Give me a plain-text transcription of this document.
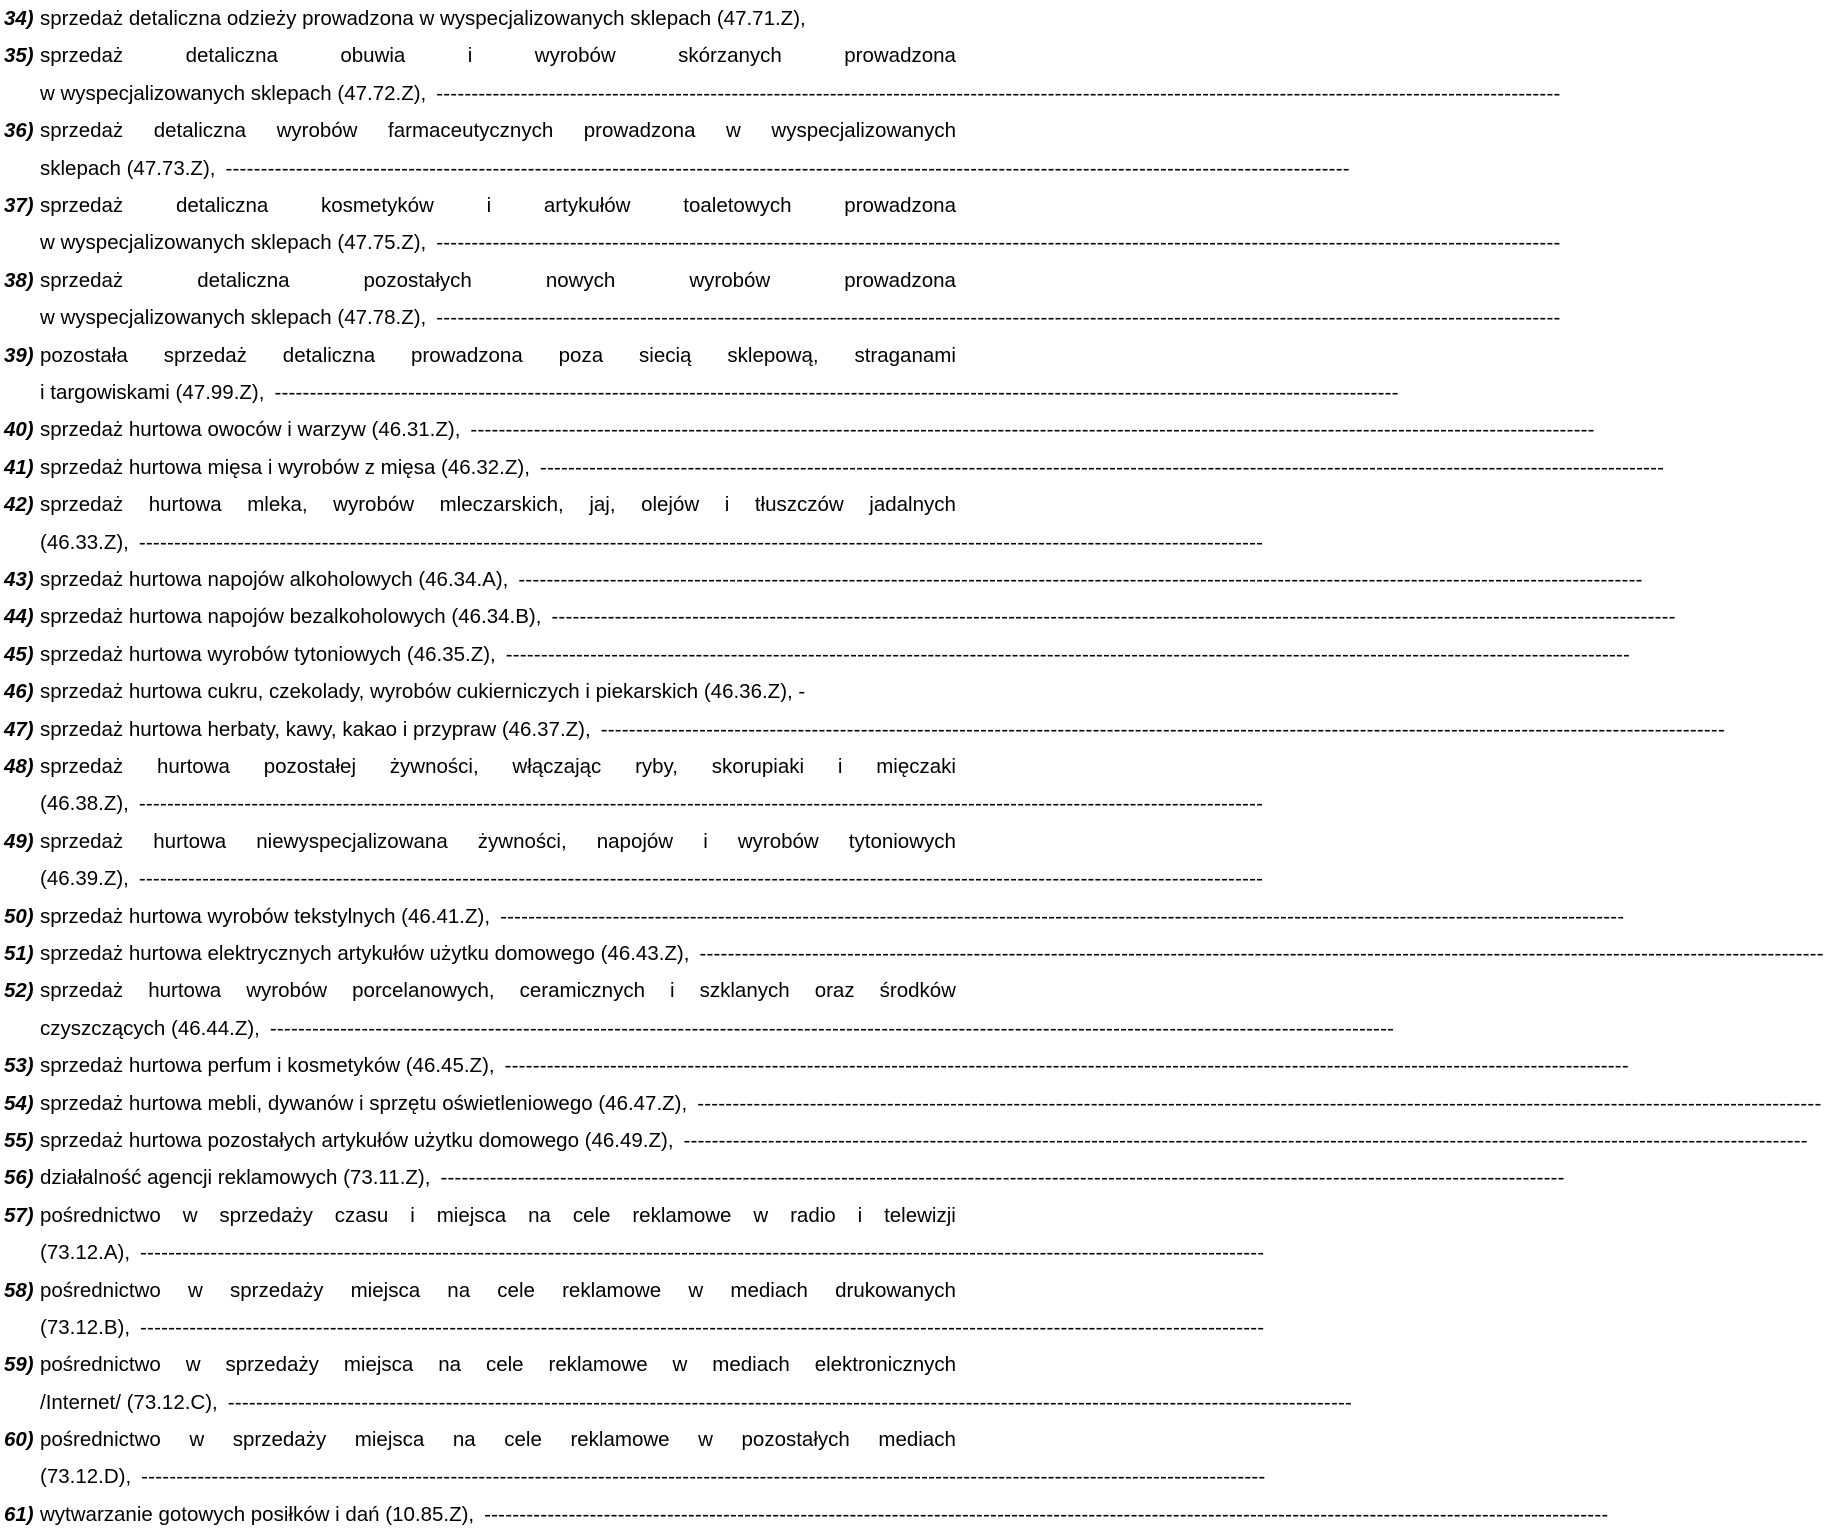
34) sprzedaż detaliczna odzieży prowadzona w wyspecjalizowanych sklepach (47.71.Z),
35) sprzedaż	detaliczna	obuwia	i	wyrobów	skórzanych	prowadzona
w wyspecjalizowanych sklepach (47.72.Z), ----------------------------------------------------------------------------------------------------------------------------------------------------------------
36) sprzedaż detaliczna wyrobów farmaceutycznych prowadzona w wyspecjalizowanych
sklepach (47.73.Z), ----------------------------------------------------------------------------------------------------------------------------------------------------------------
37) sprzedaż	detaliczna	kosmetyków	i	artykułów	toaletowych	prowadzona
w wyspecjalizowanych sklepach (47.75.Z), ----------------------------------------------------------------------------------------------------------------------------------------------------------------
38) sprzedaż	detaliczna	pozostałych	nowych	wyrobów	prowadzona
w wyspecjalizowanych sklepach (47.78.Z), ----------------------------------------------------------------------------------------------------------------------------------------------------------------
39) pozostała sprzedaż detaliczna prowadzona poza siecią sklepową, straganami
i targowiskami (47.99.Z), ----------------------------------------------------------------------------------------------------------------------------------------------------------------
40) sprzedaż hurtowa owoców i warzyw (46.31.Z), ----------------------------------------------------------------------------------------------------------------------------------------------------------------
41) sprzedaż hurtowa mięsa i wyrobów z mięsa (46.32.Z), ----------------------------------------------------------------------------------------------------------------------------------------------------------------
42) sprzedaż hurtowa mleka, wyrobów mleczarskich, jaj, olejów i tłuszczów jadalnych
(46.33.Z), ----------------------------------------------------------------------------------------------------------------------------------------------------------------
43) sprzedaż hurtowa napojów alkoholowych (46.34.A), ----------------------------------------------------------------------------------------------------------------------------------------------------------------
44) sprzedaż hurtowa napojów bezalkoholowych (46.34.B), ----------------------------------------------------------------------------------------------------------------------------------------------------------------
45) sprzedaż hurtowa wyrobów tytoniowych (46.35.Z), ----------------------------------------------------------------------------------------------------------------------------------------------------------------
46) sprzedaż hurtowa cukru, czekolady, wyrobów cukierniczych i piekarskich (46.36.Z), -
47) sprzedaż hurtowa herbaty, kawy, kakao i przypraw (46.37.Z), ----------------------------------------------------------------------------------------------------------------------------------------------------------------
48) sprzedaż hurtowa pozostałej żywności, włączając ryby, skorupiaki i mięczaki
(46.38.Z), ----------------------------------------------------------------------------------------------------------------------------------------------------------------
49) sprzedaż hurtowa niewyspecjalizowana żywności, napojów i wyrobów tytoniowych
(46.39.Z), ----------------------------------------------------------------------------------------------------------------------------------------------------------------
50) sprzedaż hurtowa wyrobów tekstylnych (46.41.Z), ----------------------------------------------------------------------------------------------------------------------------------------------------------------
51) sprzedaż hurtowa elektrycznych artykułów użytku domowego (46.43.Z), ----------------------------------------------------------------------------------------------------------------------------------------------------------------
52) sprzedaż hurtowa wyrobów porcelanowych, ceramicznych i szklanych oraz środków
czyszczących (46.44.Z), ----------------------------------------------------------------------------------------------------------------------------------------------------------------
53) sprzedaż hurtowa perfum i kosmetyków (46.45.Z), ----------------------------------------------------------------------------------------------------------------------------------------------------------------
54) sprzedaż hurtowa mebli, dywanów i sprzętu oświetleniowego (46.47.Z), ----------------------------------------------------------------------------------------------------------------------------------------------------------------
55) sprzedaż hurtowa pozostałych artykułów użytku domowego (46.49.Z), ----------------------------------------------------------------------------------------------------------------------------------------------------------------
56) działalność agencji reklamowych (73.11.Z), ----------------------------------------------------------------------------------------------------------------------------------------------------------------
57) pośrednictwo w sprzedaży czasu i miejsca na cele reklamowe w radio i telewizji
(73.12.A), ----------------------------------------------------------------------------------------------------------------------------------------------------------------
58) pośrednictwo w sprzedaży miejsca na cele reklamowe w mediach drukowanych
(73.12.B), ----------------------------------------------------------------------------------------------------------------------------------------------------------------
59) pośrednictwo w sprzedaży miejsca na cele reklamowe w mediach elektronicznych
/Internet/ (73.12.C), ----------------------------------------------------------------------------------------------------------------------------------------------------------------
60) pośrednictwo w sprzedaży miejsca na cele reklamowe w pozostałych mediach
(73.12.D), ----------------------------------------------------------------------------------------------------------------------------------------------------------------
61) wytwarzanie gotowych posiłków i dań (10.85.Z), ----------------------------------------------------------------------------------------------------------------------------------------------------------------
